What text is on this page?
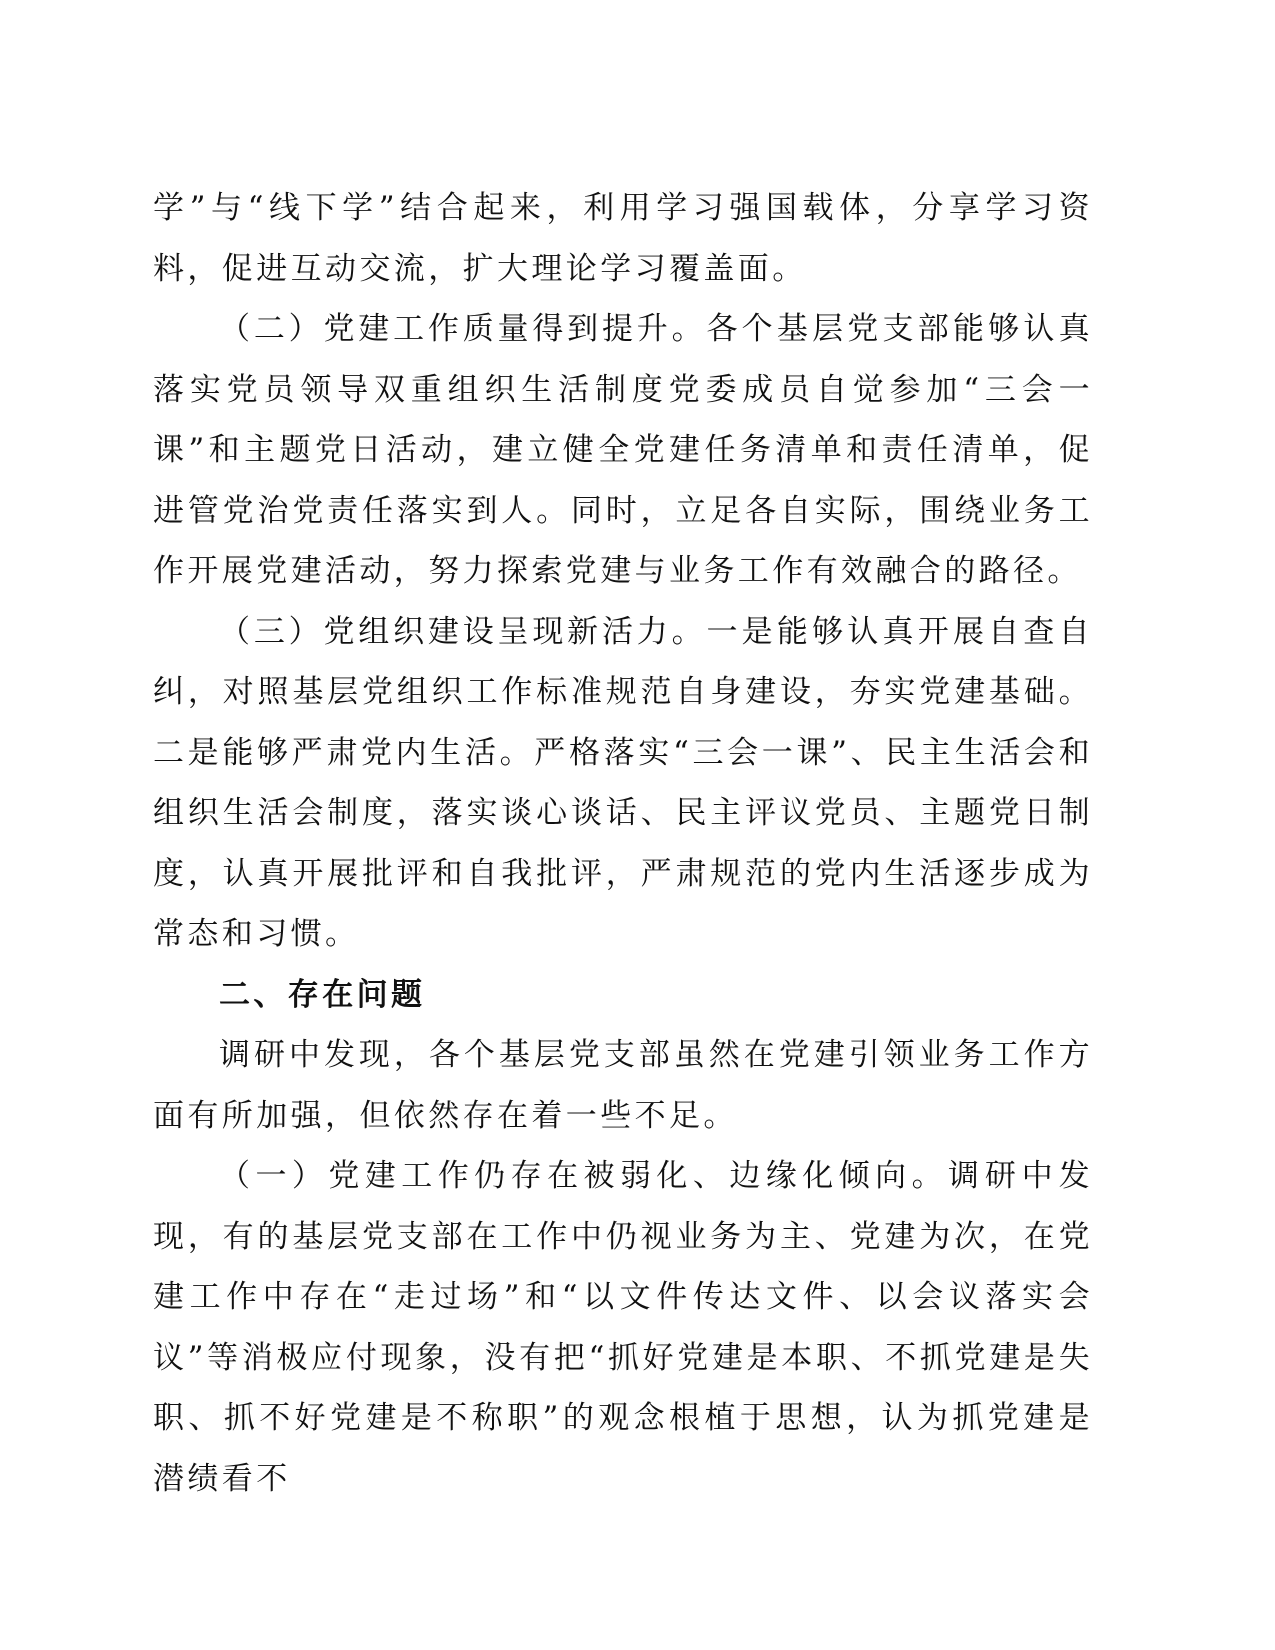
学”与“线下学”结合起来，利用学习强国载体，分享学习资料，促进互动交流，扩大理论学习覆盖面。

（二）党建工作质量得到提升。各个基层党支部能够认真落实党员领导双重组织生活制度党委成员自觉参加“三会一课”和主题党日活动，建立健全党建任务清单和责任清单，促进管党治党责任落实到人。同时，立足各自实际，围绕业务工作开展党建活动，努力探索党建与业务工作有效融合的路径。

（三）党组织建设呈现新活力。一是能够认真开展自查自纠，对照基层党组织工作标准规范自身建设，夯实党建基础。二是能够严肃党内生活。严格落实“三会一课”、民主生活会和组织生活会制度，落实谈心谈话、民主评议党员、主题党日制度，认真开展批评和自我批评，严肃规范的党内生活逐步成为常态和习惯。

二、存在问题

调研中发现，各个基层党支部虽然在党建引领业务工作方面有所加强，但依然存在着一些不足。

（一）党建工作仍存在被弱化、边缘化倾向。调研中发现，有的基层党支部在工作中仍视业务为主、党建为次，在党建工作中存在“走过场”和“以文件传达文件、以会议落实会议”等消极应付现象，没有把“抓好党建是本职、不抓党建是失职、抓不好党建是不称职”的观念根植于思想，认为抓党建是潜绩看不
